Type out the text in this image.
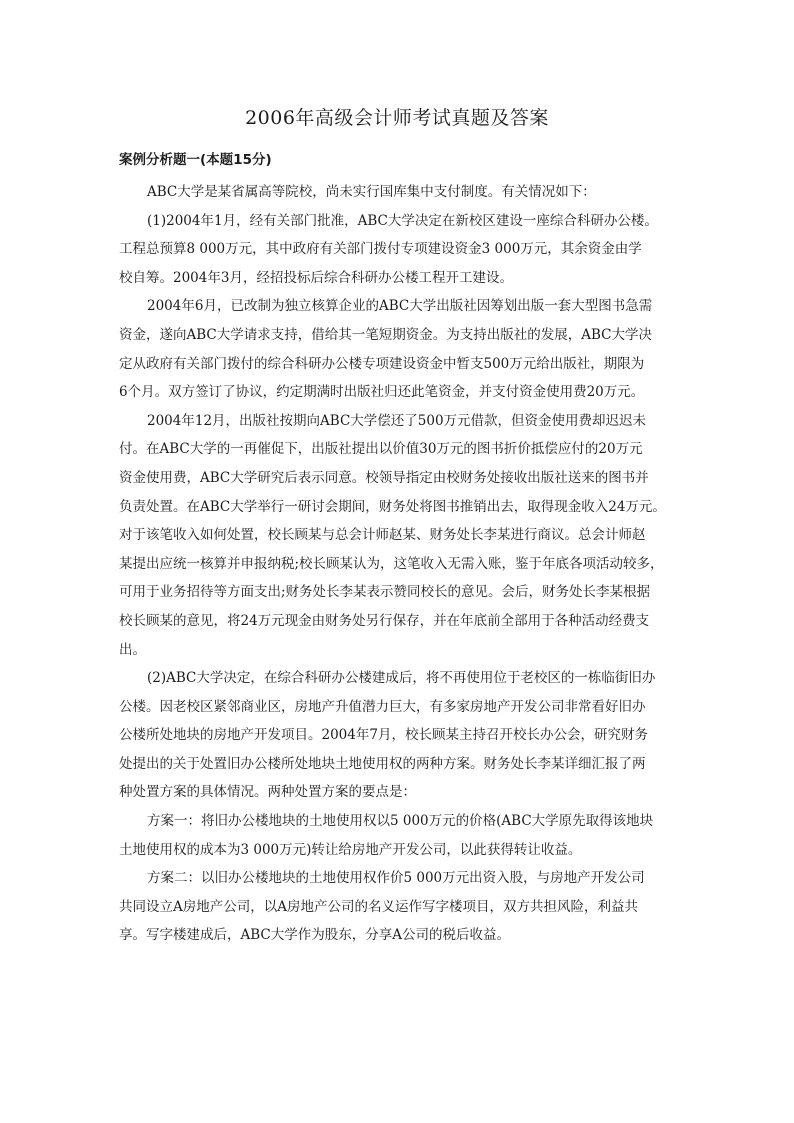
2006年高级会计师考试真题及答案
案例分析题一(本题15分)
ABC大学是某省属高等院校，尚未实行国库集中支付制度。有关情况如下：
(1)2004年1月，经有关部门批准，ABC大学决定在新校区建设一座综合科研办公楼。
工程总预算8 000万元，其中政府有关部门拨付专项建设资金3 000万元，其余资金由学
校自筹。2004年3月，经招投标后综合科研办公楼工程开工建设。
2004年6月，已改制为独立核算企业的ABC大学出版社因筹划出版一套大型图书急需
资金，遂向ABC大学请求支持，借给其一笔短期资金。为支持出版社的发展，ABC大学决
定从政府有关部门拨付的综合科研办公楼专项建设资金中暂支500万元给出版社，期限为
6个月。双方签订了协议，约定期满时出版社归还此笔资金，并支付资金使用费20万元。
2004年12月，出版社按期向ABC大学偿还了500万元借款，但资金使用费却迟迟未
付。在ABC大学的一再催促下，出版社提出以价值30万元的图书折价抵偿应付的20万元
资金使用费，ABC大学研究后表示同意。校领导指定由校财务处接收出版社送来的图书并
负责处置。在ABC大学举行一研讨会期间，财务处将图书推销出去，取得现金收入24万元。
对于该笔收入如何处置，校长顾某与总会计师赵某、财务处长李某进行商议。总会计师赵
某提出应统一核算并申报纳税;校长顾某认为，这笔收入无需入账，鉴于年底各项活动较多，
可用于业务招待等方面支出;财务处长李某表示赞同校长的意见。会后，财务处长李某根据
校长顾某的意见，将24万元现金由财务处另行保存，并在年底前全部用于各种活动经费支
出。
(2)ABC大学决定，在综合科研办公楼建成后，将不再使用位于老校区的一栋临街旧办
公楼。因老校区紧邻商业区，房地产升值潜力巨大，有多家房地产开发公司非常看好旧办
公楼所处地块的房地产开发项目。2004年7月，校长顾某主持召开校长办公会，研究财务
处提出的关于处置旧办公楼所处地块土地使用权的两种方案。财务处长李某详细汇报了两
种处置方案的具体情况。两种处置方案的要点是：
方案一：将旧办公楼地块的土地使用权以5 000万元的价格(ABC大学原先取得该地块
土地使用权的成本为3 000万元)转让给房地产开发公司，以此获得转让收益。
方案二：以旧办公楼地块的土地使用权作价5 000万元出资入股，与房地产开发公司
共同设立A房地产公司，以A房地产公司的名义运作写字楼项目，双方共担风险，利益共
享。写字楼建成后，ABC大学作为股东，分享A公司的税后收益。
